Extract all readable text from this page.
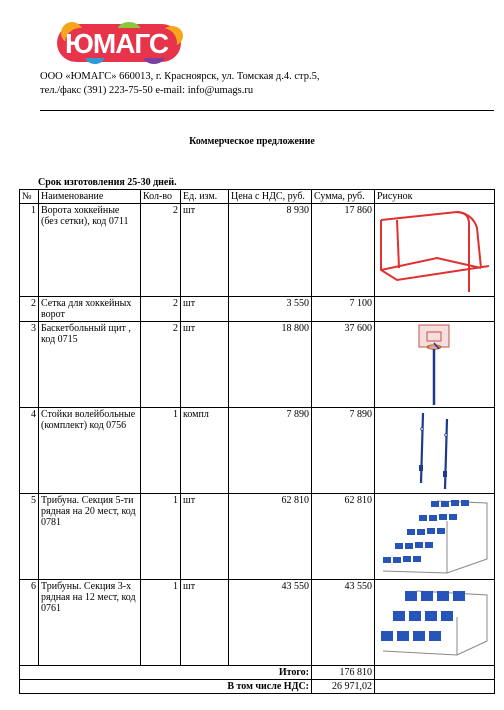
ЮМАГС
ООО «ЮМАГС» 660013, г. Красноярск, ул. Томская д.4. стр.5,
тел./факс (391) 223-75-50 e-mail: info@umags.ru
Коммерческое предложение
Срок изготовления 25-30 дней.
№	Наименование	Кол-во	Ед. изм.	Цена с НДС, руб.	Сумма, руб.	Рисунок
1	Ворота хоккейные (без сетки), код 0711	2	шт	8 930	17 860	

2	Сетка для хоккейных ворот	2	шт	3 550	7 100	
3	Баскетбольный щит , код 0715	2	шт	18 800	37 600	

4	Стойки волейбольные (комплект) код 0756	1	компл	7 890	7 890	

5	Трибуна. Секция 5-ти рядная на 20 мест, код 0781	1	шт	62 810	62 810	

6	Трибуны. Секция 3-х рядная на 12 мест, код 0761	1	шт	43 550	43 550	

Итого:					176 810	
В том числе НДС:					26 971,02	
